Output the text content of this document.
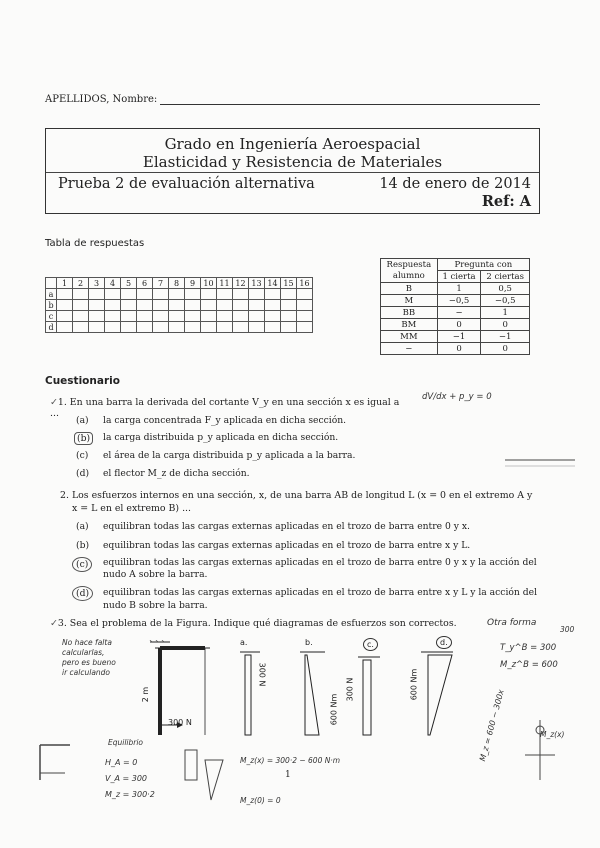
APELLIDOS, Nombre:
Grado en Ingeniería Aeroespacial
Elasticidad y Resistencia de Materiales
Prueba 2 de evaluación alternativa	14 de enero de 2014
Ref: A
Tabla de respuestas
	1	2	3	4	5	6	7	8	9	10	11	12	13	14	15	16
a																
b																
c																
d																
Respuesta	Pregunta con	
alumno	1 cierta	2 ciertas
B	1	0,5
M	−0,5	−0,5
BB	−	1
BM	0	0
MM	−1	−1
−	0	0
Cuestionario
✓1. En una barra la derivada del cortante V_y en una sección x es igual a ...
(a) la carga concentrada F_y aplicada en dicha sección.
(b)	la carga distribuida p_y aplicada en dicha sección.
(c) el área de la carga distribuida p_y aplicada a la barra.
(d) el flector M_z de dicha sección.
dV/dx + p_y = 0
2. Los esfuerzos internos en una sección, x, de una barra AB de longitud L (x = 0 en el extremo A y
x = L en el extremo B) ...
(a) equilibran todas las cargas externas aplicadas en el trozo de barra entre 0 y x.
(b) equilibran todas las cargas externas aplicadas en el trozo de barra entre x y L.
(c)	equilibran todas las cargas externas aplicadas en el trozo de barra entre 0 y x y la acción del
nudo A sobre la barra.
(d)	equilibran todas las cargas externas aplicadas en el trozo de barra entre x y L y la acción del
nudo B sobre la barra.
✓3. Sea el problema de la Figura. Indique qué diagramas de esfuerzos son correctos.
2 m
300 N
a.
300 N
b.
600 Nm
c.
300 N
d.
600 Nm
Otra forma
T_y^B = 300
M_z^B = 600
300
No hace falta
calcularlas,
pero es bueno
ir calculando
Equilibrio
H_A = 0
V_A = 300
M_z = 300·2
M_z(x) = 300·2 − 600 N·m
M_z(0) = 0
M_z = 600 − 300x	M_z(x)
1
